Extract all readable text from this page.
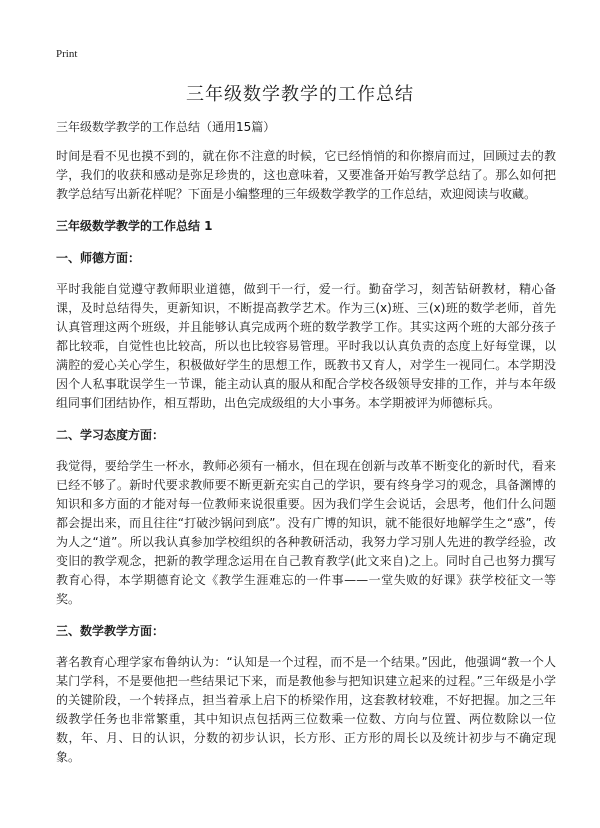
Print
三年级数学教学的工作总结

三年级数学教学的工作总结（通用15篇）

时间是看不见也摸不到的，就在你不注意的时候，它已经悄悄的和你擦肩而过，回顾过去的教学，我们的收获和感动是弥足珍贵的，这也意味着，又要准备开始写教学总结了。那么如何把教学总结写出新花样呢？下面是小编整理的三年级数学教学的工作总结，欢迎阅读与收藏。

三年级数学教学的工作总结 1

一、师德方面：

平时我能自觉遵守教师职业道德，做到干一行，爱一行。勤奋学习，刻苦钻研教材，精心备课，及时总结得失，更新知识，不断提高教学艺术。作为三(x)班、三(x)班的数学老师，首先认真管理这两个班级，并且能够认真完成两个班的数学教学工作。其实这两个班的大部分孩子都比较乖，自觉性也比较高，所以也比较容易管理。平时我以认真负责的态度上好每堂课，以满腔的爱心关心学生，积极做好学生的思想工作，既教书又育人，对学生一视同仁。本学期没因个人私事耽误学生一节课，能主动认真的服从和配合学校各级领导安排的工作，并与本年级组同事们团结协作，相互帮助，出色完成级组的大小事务。本学期被评为师德标兵。

二、学习态度方面：

我觉得，要给学生一杯水，教师必须有一桶水，但在现在创新与改革不断变化的新时代，看来已经不够了。新时代要求教师要不断更新充实自己的学识，要有终身学习的观念，具备渊博的知识和多方面的才能对每一位教师来说很重要。因为我们学生会说话，会思考，他们什么问题都会提出来，而且往往“打破沙锅问到底”。没有广博的知识，就不能很好地解学生之“惑”，传为人之“道”。所以我认真参加学校组织的各种教研活动，我努力学习别人先进的教学经验，改变旧的教学观念，把新的教学理念运用在自己教育教学(此文来自)之上。同时自己也努力撰写教育心得，本学期德育论文《教学生涯难忘的一件事——一堂失败的好课》获学校征文一等奖。

三、数学教学方面：

著名教育心理学家布鲁纳认为：“认知是一个过程，而不是一个结果。”因此，他强调“教一个人某门学科，不是要他把一些结果记下来，而是教他参与把知识建立起来的过程。”三年级是小学的关键阶段，一个转择点，担当着承上启下的桥梁作用，这套教材较难，不好把握。加之三年级教学任务也非常繁重，其中知识点包括两三位数乘一位数、方向与位置、两位数除以一位数，年、月、日的认识，分数的初步认识，长方形、正方形的周长以及统计初步与不确定现象。
